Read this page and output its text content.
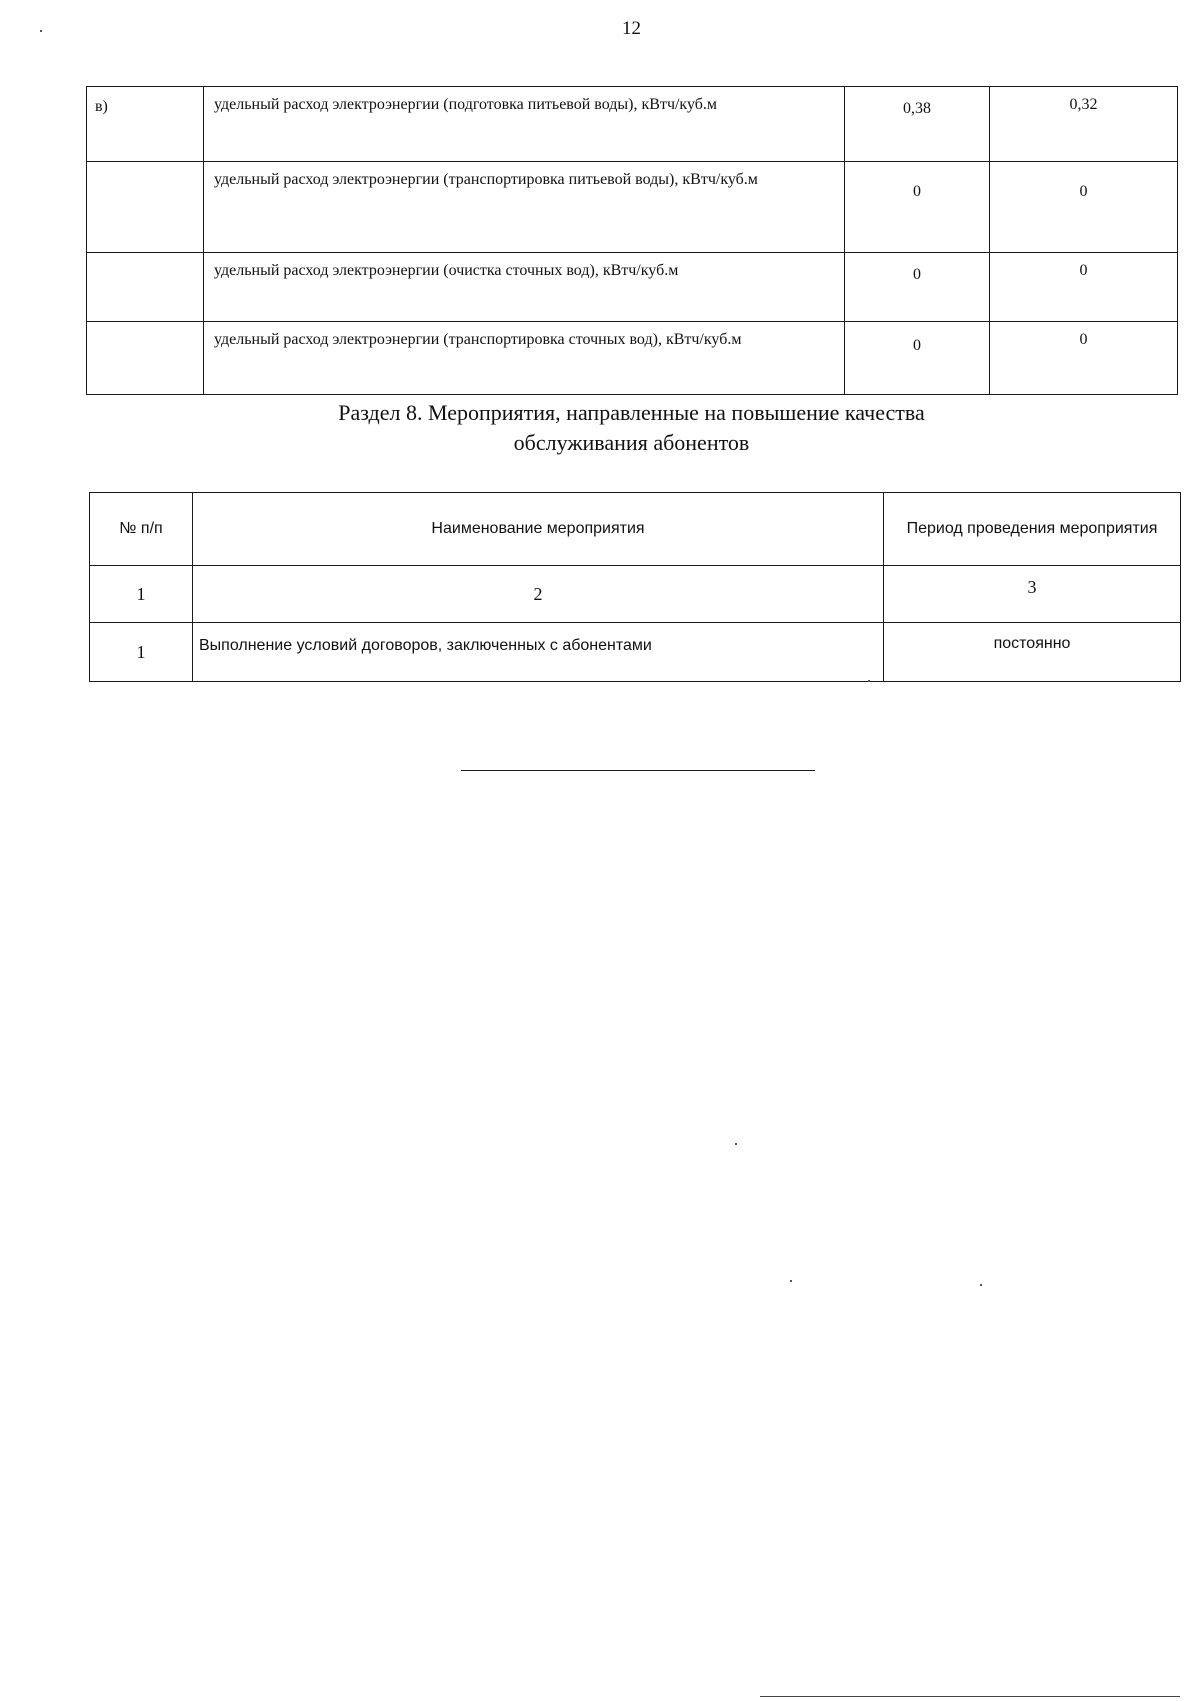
12
в)	удельный расход электроэнергии (подготовка питьевой воды), кВтч/куб.м	0,38	0,32
	удельный расход электроэнергии (транспортировка питьевой воды), кВтч/куб.м	0	0
	удельный расход электроэнергии (очистка сточных вод), кВтч/куб.м	0	0
	удельный расход электроэнергии (транспортировка сточных вод), кВтч/куб.м	0	0
Раздел 8. Мероприятия, направленные на повышение качества
обслуживания абонентов
№ п/п	Наименование мероприятия	Период проведения мероприятия
1	2	3
1	Выполнение условий договоров, заключенных с абонентами	постоянно
